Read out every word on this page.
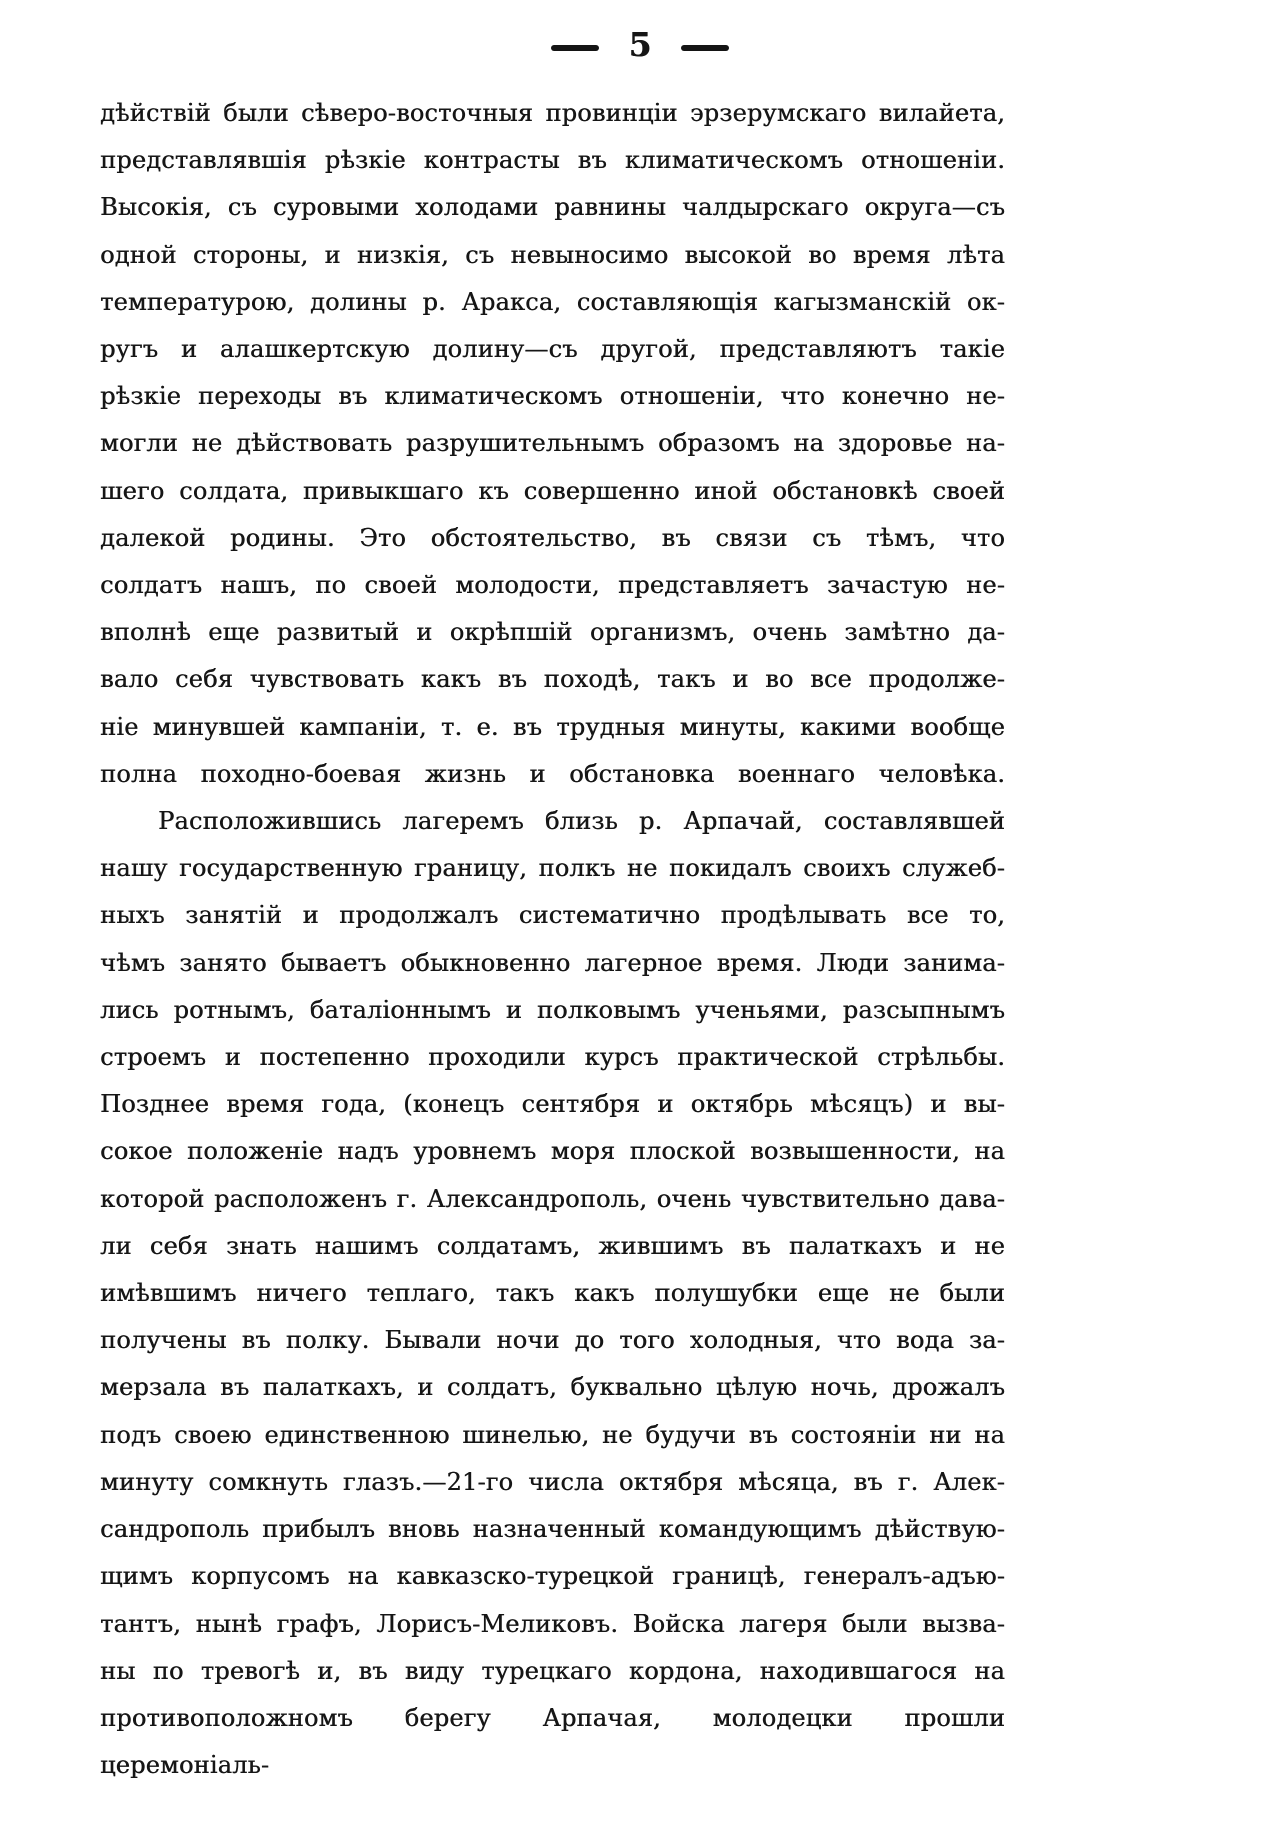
5
дѣйствій были сѣверо-восточныя провинціи эрзерумскаго вилайета,
представлявшія рѣзкіе контрасты въ климатическомъ отношеніи.
Высокія, съ суровыми холодами равнины чалдырскаго округа—съ
одной стороны, и низкія, съ невыносимо высокой во время лѣта
температурою, долины р. Аракса, составляющія кагызманскій ок-
ругъ и алашкертскую долину—съ другой, представляютъ такіе
рѣзкіе переходы въ климатическомъ отношеніи, что конечно не-
могли не дѣйствовать разрушительнымъ образомъ на здоровье на-
шего солдата, привыкшаго къ совершенно иной обстановкѣ своей
далекой родины. Это обстоятельство, въ связи съ тѣмъ, что
солдатъ нашъ, по своей молодости, представляетъ зачастую не-
вполнѣ еще развитый и окрѣпшій организмъ, очень замѣтно да-
вало себя чувствовать какъ въ походѣ, такъ и во все продолже-
ніе минувшей кампаніи, т. е. въ трудныя минуты, какими вообще
полна походно-боевая жизнь и обстановка военнаго человѣка.
Расположившись лагеремъ близь р. Арпачай, составлявшей
нашу государственную границу, полкъ не покидалъ своихъ служеб-
ныхъ занятій и продолжалъ систематично продѣлывать все то,
чѣмъ занято бываетъ обыкновенно лагерное время. Люди занима-
лись ротнымъ, баталіоннымъ и полковымъ ученьями, разсыпнымъ
строемъ и постепенно проходили курсъ практической стрѣльбы.
Позднее время года, (конецъ сентября и октябрь мѣсяцъ) и вы-
сокое положеніе надъ уровнемъ моря плоской возвышенности, на
которой расположенъ г. Александрополь, очень чувствительно дава-
ли себя знать нашимъ солдатамъ, жившимъ въ палаткахъ и не
имѣвшимъ ничего теплаго, такъ какъ полушубки еще не были
получены въ полку. Бывали ночи до того холодныя, что вода за-
мерзала въ палаткахъ, и солдатъ, буквально цѣлую ночь, дрожалъ
подъ своею единственною шинелью, не будучи въ состояніи ни на
минуту сомкнуть глазъ.—21-го числа октября мѣсяца, въ г. Алек-
сандрополь прибылъ вновь назначенный командующимъ дѣйствую-
щимъ корпусомъ на кавказско-турецкой границѣ, генералъ-адъю-
тантъ, нынѣ графъ, Лорисъ-Меликовъ. Войска лагеря были вызва-
ны по тревогѣ и, въ виду турецкаго кордона, находившагося на
противоположномъ берегу Арпачая, молодецки прошли церемоніаль-
